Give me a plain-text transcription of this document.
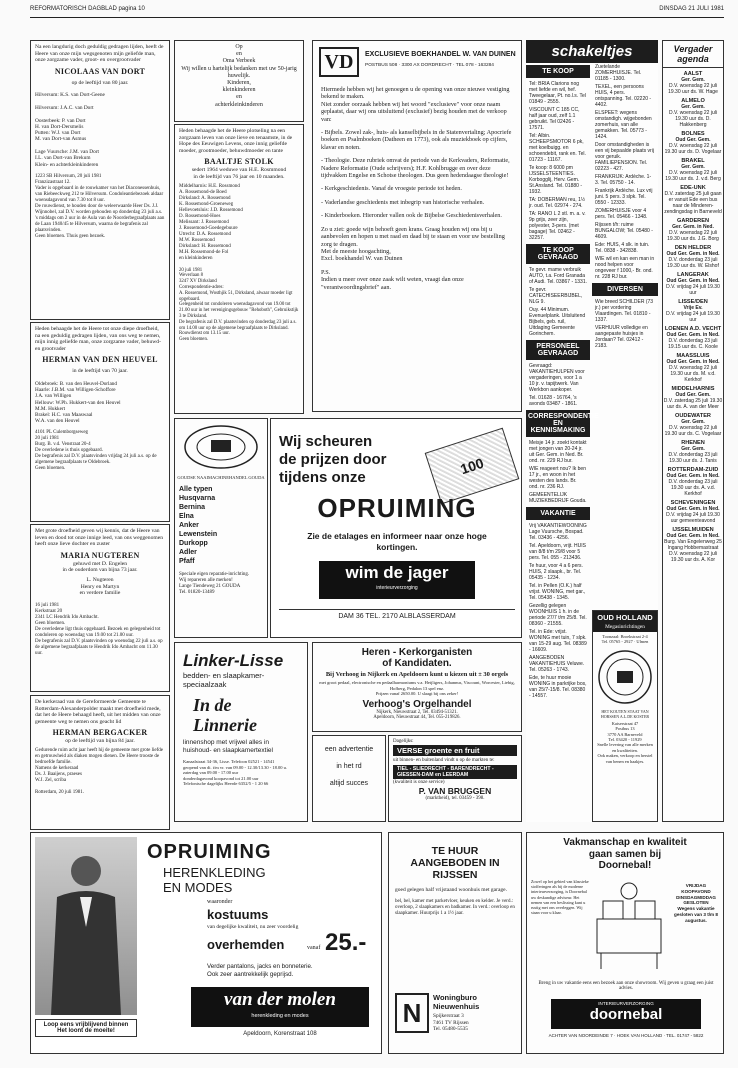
REFORMATORISCH DAGBLAD pagina 10	DINSDAG 21 JULI 1981
Na een langdurig doch geduldig gedragen lijden, heeft de Heere van onze mijn wegsgenoten mijn geliefde man, onze zorgzame vader, groot- en overgrootvader
NICOLAAS VAN DORT
op de leeftijd van 80 jaar.
Hilversum: K.S. van Dort-Geene

Hilversum: J.A.C. van Dort

Oosterbeek: P. van Dort
H. van Dort-Dersmelis
Putten: W.J. van Dort
M. van Dort-van Asmus

Lage Vuursche: J.M. van Dort
I.L. van Dort-van Brekum
Klein- en achterkleinkinderen
1223 SB Hilversum, 20 juli 1981
Franzizastraat 12.
Vader is opgebaard in de rouwkamer van het Diaconessenhuis, van Riebeeckweg 212 te Hilversum. Condoleantiebezoek aldaar woensdagavond van 7.30 tot 8 uur.
De rouwdienst, te houden door de weleerwaarde Heer Ds. J.J. Wijnnobel, zal D.V. worden gehouden op donderdag 23 juli a.s. 's middags om 2 uur in de Aula van de Noorderbegraafplaats aan de Laan 1940/45 te Hilversum, waarna de begrafenis zal plaatsvinden.
Geen bloemen. Thuis geen bezoek.
Heden behaagde het de Heere tot onze diepe droefheid, na een geduldig gedragen lijden, van ons weg te nemen, mijn innig geliefde man, onze zorgzame vader, behuwd- en grootvader
HERMAN VAN DEN HEUVEL
in de leeftijd van 70 jaar.
Oldebroek: B. van den Heuvel-Dorland
Haarle: J.B.M. van Willigen-Schoffore
J.A. van Willigen
Hellouw: W.Ph. Hukkert-van den Heuvel
M.M. Hukkert
Brakel: H.C. van Maaswaal
W.A. van den Heuvel
4101 PL Culemborgseweg
20 juli 1981
Burg. B. v.d. Venstraat 20-4
De overledene is thuis opgebaard.
De begrafenis zal D.V. plaatsvinden vrijdag 24 juli a.s. op de algemene begraafplaats te Oldebroek.
Geen bloemen.
Met grote droefheid geven wij kennis, dat de Heere van leven en dood tot onze innige leed, van ons weggenomen heeft onze lieve dochter en zuster
MARIA NUGTEREN
gehuwd met D. Engelen
in de ouderdom van bijna 73 jaar.
L. Nugteren
Henry en Martyn
en verdere familie
16 juli 1981
Kerkstraat 20
2341 LC Hendrik Ido Ambacht.
Geen bloemen.
De overledene ligt thuis opgebaard. Bezoek en gelegenheid tot condoleren op woensdag van 19.00 tot 21.00 uur.
De begrafenis zal D.V. plaatsvinden op woensdag 22 juli a.s. op de algemene begraafplaats te Hendrik Ido Ambacht om 11.30 uur.
De kerkeraad van de Gereformeerde Gemeente te Rotterdam-Alexanderpolder maakt met droefheid mede, dat het de Heere behaagd heeft, uit het midden van onze gemeente weg te nemen ons geacht lid
HERMAN BERGACKER
op de leeftijd van bijna 84 jaar.
Gedurende ruim acht jaar heeft hij de gemeente met grote liefde en getrouwheid als diaken mogen dienen. De Heere trooste de bedroefde familie.
Namens de kerkeraad
Ds. J. Baaijens, praeses
W.J. Zel, scriba

Rotterdam, 20 juli 1981.
Op
en
Oma Verbeek
Wij willen u hartelijk bedanken met uw 50-jarig huwelijk.
Kinderen,
kleinkinderen
en
achterkleinkinderen
Heden behaagde het de Heere plotseling na een zorgzaam leven van onze lieve en tenaamste, in de Hope des Eeuwigen Levens, onze innig geliefde moeder, grootmoeder, behuwdmoeder en tante
BAALTJE STOLK
sedert 1964 weduwe van H.E. Rosmmond
in de leeftijd van 76 jaar en 10 maanden.
Middelharnis: H.E. Rossmond
A. Rossemond-de Boed
Dirksland: A. Rossemond
K. Rossemond-Groeneweg
Hellevoetsluis: J.D. Rossemond
D. Rossemond-Hoes
Melissant: J. Rossemond
J. Rossemond-Goedegebuure
Utrecht: D.A. Rossemond
M.W. Rossemond
Dirksland: H. Rossemond
M.H. Rossemond-de Fol
en kleinkinderen
20 juli 1981
Weverlaan 8
3247 XV Dirksland
Correspondentie-adres:
A. Rossemond, Wosthjik 51, Dirksland, alwaar moeder ligt opgebaard.
Gelegenheid tot condoleren woensdagavond van 19.00 tot 21.00 uur in het verenigingsgebouw "Rehoboth", Gebruikstijk 3 te Dirksland.
De begrafenis zal D.V. plaatsvinden op donderdag 23 juli a.s. om 14.00 uur op de algemene begraafplaats te Dirksland. Rouwdienst om 13.15 uur.
Geen bloemen.
GOUDSE NAAIMACHINEHANDEL GOUDA
Alle typen
Husqvarna
Bernina
Elna
Anker
Lewenstein
Durkopp
Adler
Pfaff
Speciale eigen reparatie-inrichting.
Wij repareren alle merken!
Lange Tiendeweg 21 GOUDA
Tel. 01820-13489
Wij scheuren
de prijzen door
tijdens onze
100
OPRUIMING
Zie de etalages en informeer naar onze hoge kortingen.
wim de jager
interieurverzorging
DAM 36 TEL. 2170 ALBLASSERDAM
VD	EXCLUSIEVE BOEKHANDEL W. VAN DUINEN
POSTBUS 508 · 3300 AX DORDRECHT · TEL 078 - 163284
Hiermede hebben wij het genoegen u de opening van onze nieuwe vestiging bekend te maken.
Niet zonder oorzaak hebben wij het woord "exclusieve" voor onze naam geplaatst, daar wij ons uitsluitend (exclusief) bezig houden met de verkoop van:
- Bijbels. Zowel zak-, huis- als kanselbijbels in de Statenvertaling; Apocriefe boeken en Psalmboeken (Datheen en 1773), ook als muziekboek op cijfers, klavar en noten.
- Theologie. Deze rubriek omvat de periode van de Kerkvaders, Reformatie, Nadere Reformatie (Oude schrijvers); H.F. Kohlbrugge en over deze tijdvakken Engelse en Schotse theologen. Dus geen hedendaagse theologie!
- Kerkgeschiedenis. Vanaf de vroegste periode tot heden.
- Vaderlandse geschiedenis met inbegrip van historische verhalen.
- Kinderboeken. Hieronder vallen ook de Bijbelse Geschiedenisverhalen.
Zo u ziet: goede wijn behoeft geen krans. Graag houden wij ons bij u aanbevolen en hopen u met raad en daad bij te staan en voor uw bestelling zorg te dragen.
Met de meeste hoogachting,
Excl. boekhandel W. van Duinen
P.S.
Indien u meer over onze zaak wilt weten, vraagt dan onze "verantwoordingsbrief" aan.
Heren - Kerkorganisten
of Kandidaten.
Bij Verhoog in Nijkerk en Apeldoorn kunt u kiezen uit ± 30 orgels
met groot pedaal, electronische en pedaalharmoniums v.a. Heijligers, Johannus, Viscount, Worcester, Liebig, Hofberg, Pedalon 13 spel enz.
Prijzen vanaf 2650.00. U slaagt bij ons zeker!
Verhoog's Orgelhandel
Nijkerk, Nieuwstraat 2, Tel. 03494-51321.
Apeldoorn, Nieuwstraat 44, Tel. 055-219826.
Linker-Lisse
bedden- en slaapkamer-
speciaalzaak
In de
Linnerie
linnenshop met vrijwel alles in
huishoud- en slaapkamertextiel
Kanaalstraat 34-36, Lisse. Telefoon 02521 - 14541
geopend van di. t/m vr. van 09.00 - 12.30/13.30 - 18.00 u.
zaterdag van 09.00 - 17.00 uur
donderdagavond koopavond tot 21.00 uur
Telefonische dagelijks Heerde 6352/5 - 1 20 66
een advertentie

in het rd

altijd succes
Dagelijks:
VERSE groente en fruit
uit binnen- en buitenland vindt u op de markten te:
TIEL - SLIEDRECHT - BARENDRECHT - GIESSEN-DAM en LEERDAM
(kwaliteit is onze service)
P. VAN BRUGGEN
(marktheid), tel. 03459 - 398.
Loop eens vrijblijvend binnen
Het loont de moeite!
OPRUIMING
HERENKLEDING
EN MODES
waaronder
kostuums
van degelijke kwaliteit, nu zeer voordelig
overhemden	vanaf 25.-
Verder pantalons, jacks en bonneterie.
Ook zeer aantrekkelijk geprijsd.
van der molen
herenkleding en modes
Apeldoorn, Korenstraat 108
TE HUUR
AANGEBODEN IN
RIJSSEN
goed gelegen half vrijstaand woonhuis met garage.
bel, bel, kamer met parketvloer, keuken en kelder. Je verd.: overloop, 2 slaapkamers en badkamer. In verd.: overloop en slaapkamer. Huurprijs 1 a 1½ jaar.
N
Woningburo
Nieuwenhuis
Spijkerstraat 3
7461 TV Rijssen
Tel. 05480-5535
schakeltjes
TE KOOP
Tel: BRIA Clarions nog met liefde en wil, hef. Tweegelaar, Pt. no.l.s. Tel 01849 - 2555.
VISCOUNT C 185 CC, half jaar oud, zelf 1.1 gebruikt. Tel 02426 - 17571.
Tel: Albin. SCHEEPSMOTOR 6 pk, met koelbuigg. en schoendebit, rank en. Tel. 01723 - 11167.
Te koop: 8 6000 pm IJSSELSTEENTIES. Korbogglij, Herv. Gem. St.Ansland. Tel. 01880 - 1932.
TA: DOBERMAN reu, 1½ jr. oud. Tel. 02974 - 274.
TA: RANO L 2 stl. m. a. v. 9p grijs, zeer zijn, polyester, 3-pers. (met bagage) Tel. 02462 - 32257.
TE KOOP GEVRAAGD
Te gevr. mame verbruik AUTO, t.a. Ford Granada of Audi. Tel. 03867 - 1331.
Te gevr. CATECHISEERBIJBEL, NLG 9.
Ouy. 44 Minimum. Evenuelplank. Uitsluitend Bijbels, geb. ruil, Uitdaging Gemeente Gorinchem.
PERSONEEL GEVRAAGD
Gevraagd: VAKANTIEHULPEN voor vergaderingen, voor 1 a 10 jr. v. tapijtwerk. Van Werkbon aankoper.
Tel. 01628 - 16764, 's avonds 03487 - 1861.
CORRESPONDENTIE EN KENNISMAKING
Meisje 14 jr. zoekt kontakt met jongen van 20-24 jr. uit Ger. Gem. in Ned. Br. ond. nr. 229 RJ bur.
WIE reageert nou? Ik ben 17 jr., en woon in het westen des lands. Br. ond. nr. 236 RJ.
GEMEENTELIJK MUZIEKBEDRIJF Gouda.
VAKANTIE
Vrij VAKANTIEWOONING Lage Vuursche, Bospad. Tel. 03436 - 4256.
Tel. Apeldoorn, vrijt. HUIS van 8/8 t/m 29/8 voor 5 pers. Tel. 055 - 213436.
Te huur, voor 4 a 6 pers. HUIS, 2 slaapk., br. Tel. 05435 - 1234.
Tel. in Pellen (O.K.) half vrijst. WONING, met gar., Tel. 05438 - 1345.
Gezellig gelegen WOONHUIS 1 h. in de periode 27/7 t/m 25/8. Tel. 08360 - 21555.
Tel. in Ede: vrijst. WONING met tuin, 7 slpk. van 15-29 aug. Tel. 08389 - 16609.
AANGEBODEN VAKANTIEHUIS Veluwe. Tel. 05263 - 1743.
Ede, te huur mooie WONING in parkrijke bos, van 25/7-15/8. Tel. 08380 - 14557.
Zuetelande ZOMERHUISJE. Tel. 01185 - 1300.
TEXEL, een persoons HUIS, 4 pers. ontspanning. Tel. 02220 - 4402.
ELSPEET: wegens omstandigh. wijgebonden zomerhuis, van alle gemakken. Tel. 05773 - 1424.
Door omstandigheden is een vij bepaalde plaats vrij voor geruik. FAMILIEPENSION. Tel. 02223 - 427.
FRANKRIJK: Ardèche. 1-3. Tel. 05750 - 14.
Frankrijk Ardèche. Lux vrij juni. 5 pers. 3 slpk. Tel. 0550 - 12333.
ZOMERHUISJE voor 4 pers. Tel. 05466 - 1348.
Rijssen t/h: ruime BUNGALOW; Tel. 05480 - 4609.
Ede: HUIS, 4 slk. in tuin. Tel. 0838 - 342838.
WIE wil en kan een man in nood helpen voor ongeveer f 1000,- Br. ond. nr. 228 RJ bur.
DIVERSEN
Wie breed SCHILDER (73 jr.) per vordering Vlaardingen. Tel. 01810 - 1337.
VERHUUR volledige en aangepaste huisjes in Jordaan? Tel. 02412 - 2183.
OUD HOLLAND
Megasinrichtingen
Toonzaal: Broekstraat 2-4
Tel. 05765 - 2927 · Ulmen
HET KOUTEN STAAT VAN HORSSEN A.L.DE KOSTER
Kaiserstraat 47
Postbus 13
3770 AA Barneveld
Tel. 03420 - 11929
Snelle levering van alle merken en kwaliteiten.
Ook maken, verkoop en herstel van benen en haakjes.
Vergader agenda
AALST
Ger. Gem.
D.V. woensdag 22 juli 19.30 uur ds. W. Hage
ALMELO
Ger. Gem.
D.V. woensdag 22 juli 19.30 uur ds. D. Hakkenberg
BOLNES
Oud Ger. Gem.
D.V. woensdag 22 juli 19.30 uur ds. D. Vogelaar
BRAKEL
Ger. Gem.
D.V. woensdag 22 juli 19.30 uur ds. J. v.d. Berg
EDE-UNK
D.V. zaterdag 25 juli gaan er vanuit Ede een bus naar de Minderen-zendingsdag in Barneveld
GARDEREN
Ger. Gem. in Ned.
D.V. woensdag 22 juli 19.30 uur ds. J.G. Borg
DEN HELDER
Oud Ger. Gem. in Ned.
D.V. donderdag 23 juli 19.30 uur ds. W. Elshof
LANGERAK
Oud Ger. Gem. in Ned.
D.V. vrijdag 24 juli 19.30 uur
LISSE/DEN
Vrije Ev.
D.V. vrijdag 24 juli 19.30 uur
LOENEN A.D. VECHT
Oud Ger. Gem. in Ned.
D.V. donderdag 23 juli 19.15 uur ds. C. Koole
MAASSLUIS
Oud Ger. Gem. in Ned.
D.V. woensdag 22 juli 19.30 uur ds. M. v.d. Kerkhof
MIDDELHARNIS
Oud Ger. Gem.
D.V. zaterdag 25 juli 19.30 uur ds. A. van der Meer
OUDEWATER
Ger. Gem.
D.V. woensdag 22 juli 19.30 uur ds. C. Vogelaar
RHENEN
Ger. Gem.
D.V. donderdag 23 juli 19.30 uur ds. J. Tanis
ROTTERDAM-ZUID
Oud Ger. Gem. in Ned.
D.V. donderdag 23 juli 19.30 uur ds. A. v.d. Kerkhof
SCHEVENINGEN
Oud Ger. Gem. in Ned.
D.V. vrijdag 24 juli 19.30 uur gemeenteavond
IJSSELMUIDEN
Oud Ger. Gem. in Ned.
Burg. Van Engelenweg 25 Ingang Hobbemastraat D.V. woensdag 22 juli 19.30 uur ds. A. Kor
Vakmanschap en kwaliteit
gaan samen bij
Doornebal!
Zowel op het gebied van klassieke stofferingen als bij de moderne interieurverzorging, is Doornebal uw deskundige adviseur. Het nemen van een beslissing kunt u rustig met ons overleggen. Wij staan voor u klaar.
VRIJDAG KOOPAVOND
DINSDAGMIDDAG
GESLOTEN
Wegens vakantie gesloten van 3 t/m 8 augustus.
Breng in uw vakantie eens een bezoek aan onze showroom. Wij geven u graag een juist advies.
INTERIEURVERZORGING
doornebal
ACHTER VAN NOORDEINDE 7 · HOEK VAN HOLLAND · TEL. 01747 - 5822
